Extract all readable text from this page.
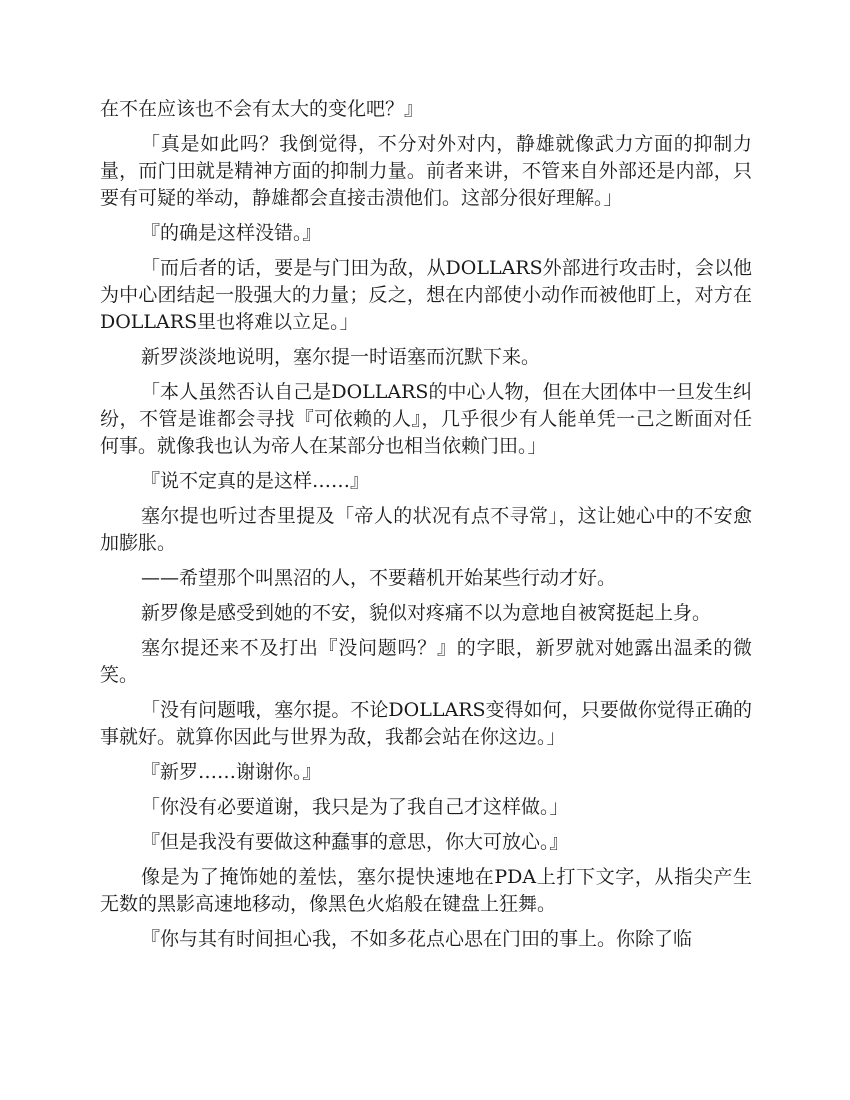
在不在应该也不会有太大的变化吧？』

「真是如此吗？我倒觉得，不分对外对内，静雄就像武力方面的抑制力量，而门田就是精神方面的抑制力量。前者来讲，不管来自外部还是内部，只要有可疑的举动，静雄都会直接击溃他们。这部分很好理解。」

『的确是这样没错。』

「而后者的话，要是与门田为敌，从DOLLARS外部进行攻击时，会以他为中心团结起一股强大的力量；反之，想在内部使小动作而被他盯上，对方在DOLLARS里也将难以立足。」

新罗淡淡地说明，塞尔提一时语塞而沉默下来。

「本人虽然否认自己是DOLLARS的中心人物，但在大团体中一旦发生纠纷，不管是谁都会寻找『可依赖的人』，几乎很少有人能单凭一己之断面对任何事。就像我也认为帝人在某部分也相当依赖门田。」

『说不定真的是这样……』

塞尔提也听过杏里提及「帝人的状况有点不寻常」，这让她心中的不安愈加膨胀。

——希望那个叫黑沼的人，不要藉机开始某些行动才好。

新罗像是感受到她的不安，貌似对疼痛不以为意地自被窝挺起上身。

塞尔提还来不及打出『没问题吗？』的字眼，新罗就对她露出温柔的微笑。

「没有问题哦，塞尔提。不论DOLLARS变得如何，只要做你觉得正确的事就好。就算你因此与世界为敌，我都会站在你这边。」

『新罗……谢谢你。』

「你没有必要道谢，我只是为了我自己才这样做。」

『但是我没有要做这种蠢事的意思，你大可放心。』

像是为了掩饰她的羞怯，塞尔提快速地在PDA上打下文字，从指尖产生无数的黑影高速地移动，像黑色火焰般在键盘上狂舞。

『你与其有时间担心我，不如多花点心思在门田的事上。你除了临
